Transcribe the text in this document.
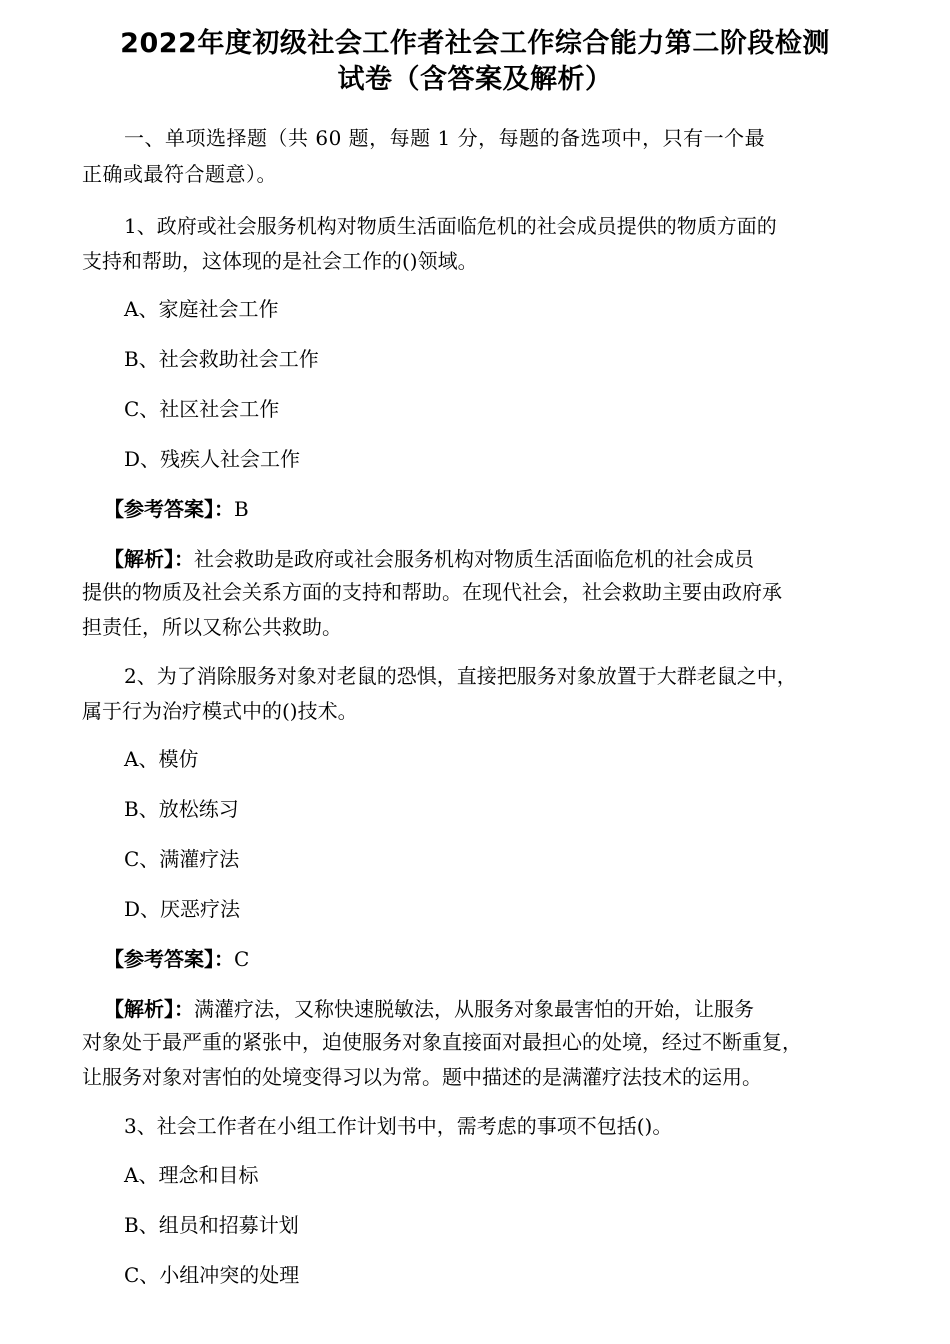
2022年度初级社会工作者社会工作综合能力第二阶段检测
试卷（含答案及解析）
一、单项选择题（共 60 题，每题 1 分，每题的备选项中，只有一个最
正确或最符合题意）。
1、政府或社会服务机构对物质生活面临危机的社会成员提供的物质方面的
支持和帮助，这体现的是社会工作的()领域。
A、家庭社会工作
B、社会救助社会工作
C、社区社会工作
D、残疾人社会工作
【参考答案】：B
【解析】：社会救助是政府或社会服务机构对物质生活面临危机的社会成员
提供的物质及社会关系方面的支持和帮助。在现代社会，社会救助主要由政府承
担责任，所以又称公共救助。
2、为了消除服务对象对老鼠的恐惧，直接把服务对象放置于大群老鼠之中，
属于行为治疗模式中的()技术。
A、模仿
B、放松练习
C、满灌疗法
D、厌恶疗法
【参考答案】：C
【解析】：满灌疗法，又称快速脱敏法，从服务对象最害怕的开始，让服务
对象处于最严重的紧张中，迫使服务对象直接面对最担心的处境，经过不断重复，
让服务对象对害怕的处境变得习以为常。题中描述的是满灌疗法技术的运用。
3、社会工作者在小组工作计划书中，需考虑的事项不包括()。
A、理念和目标
B、组员和招募计划
C、小组冲突的处理
